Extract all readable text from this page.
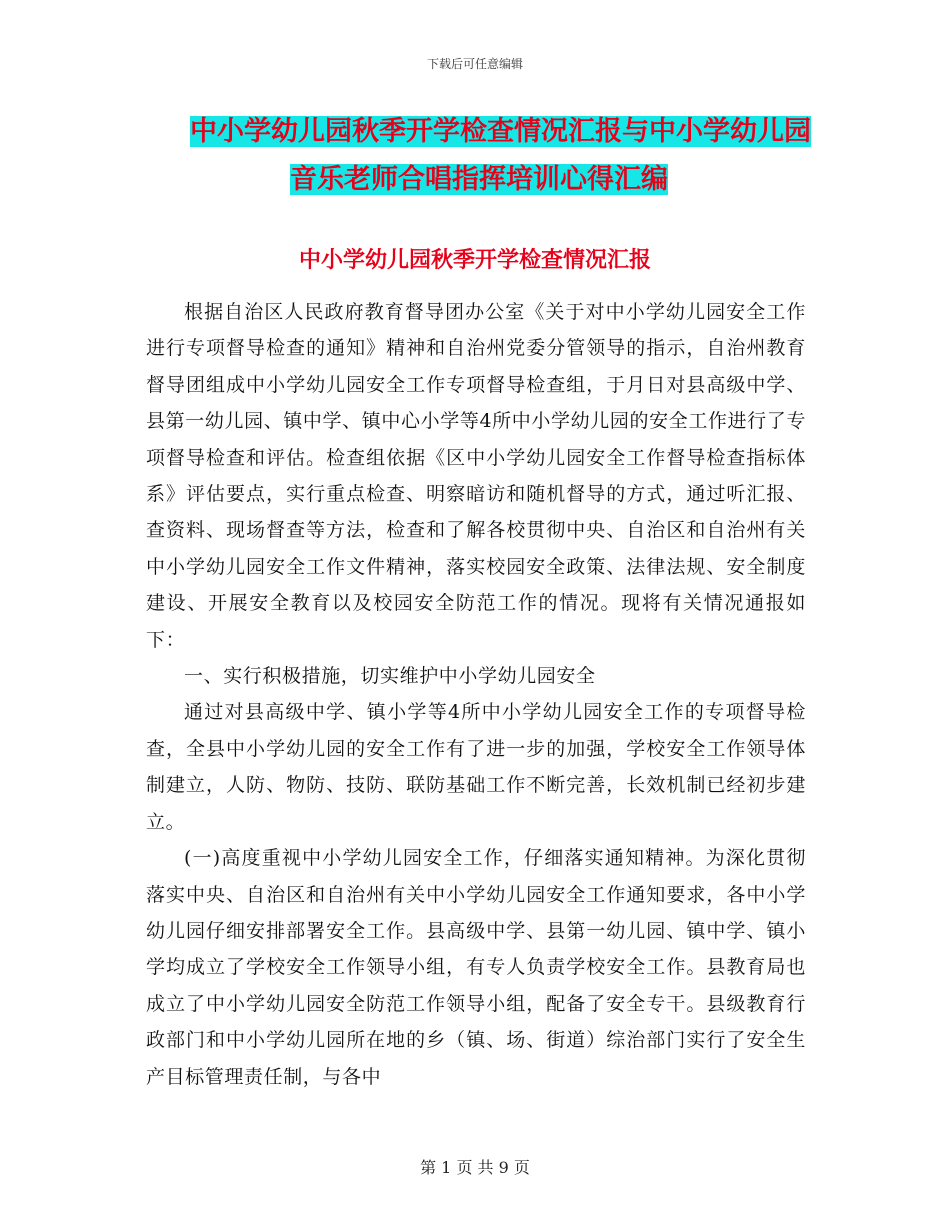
下载后可任意编辑
中小学幼儿园秋季开学检查情况汇报与中小学幼儿园
音乐老师合唱指挥培训心得汇编
中小学幼儿园秋季开学检查情况汇报

根据自治区人民政府教育督导团办公室《关于对中小学幼儿园安全工作进行专项督导检查的通知》精神和自治州党委分管领导的指示，自治州教育督导团组成中小学幼儿园安全工作专项督导检查组，于月日对县高级中学、县第一幼儿园、镇中学、镇中心小学等4所中小学幼儿园的安全工作进行了专项督导检查和评估。检查组依据《区中小学幼儿园安全工作督导检查指标体系》评估要点，实行重点检查、明察暗访和随机督导的方式，通过听汇报、查资料、现场督查等方法，检查和了解各校贯彻中央、自治区和自治州有关中小学幼儿园安全工作文件精神，落实校园安全政策、法律法规、安全制度建设、开展安全教育以及校园安全防范工作的情况。现将有关情况通报如下：

一、实行积极措施，切实维护中小学幼儿园安全

通过对县高级中学、镇小学等4所中小学幼儿园安全工作的专项督导检查，全县中小学幼儿园的安全工作有了进一步的加强，学校安全工作领导体制建立，人防、物防、技防、联防基础工作不断完善，长效机制已经初步建立。

(一)高度重视中小学幼儿园安全工作，仔细落实通知精神。为深化贯彻落实中央、自治区和自治州有关中小学幼儿园安全工作通知要求，各中小学幼儿园仔细安排部署安全工作。县高级中学、县第一幼儿园、镇中学、镇小学均成立了学校安全工作领导小组，有专人负责学校安全工作。县教育局也成立了中小学幼儿园安全防范工作领导小组，配备了安全专干。县级教育行政部门和中小学幼儿园所在地的乡（镇、场、街道）综治部门实行了安全生产目标管理责任制，与各中

第 1 页 共 9 页
